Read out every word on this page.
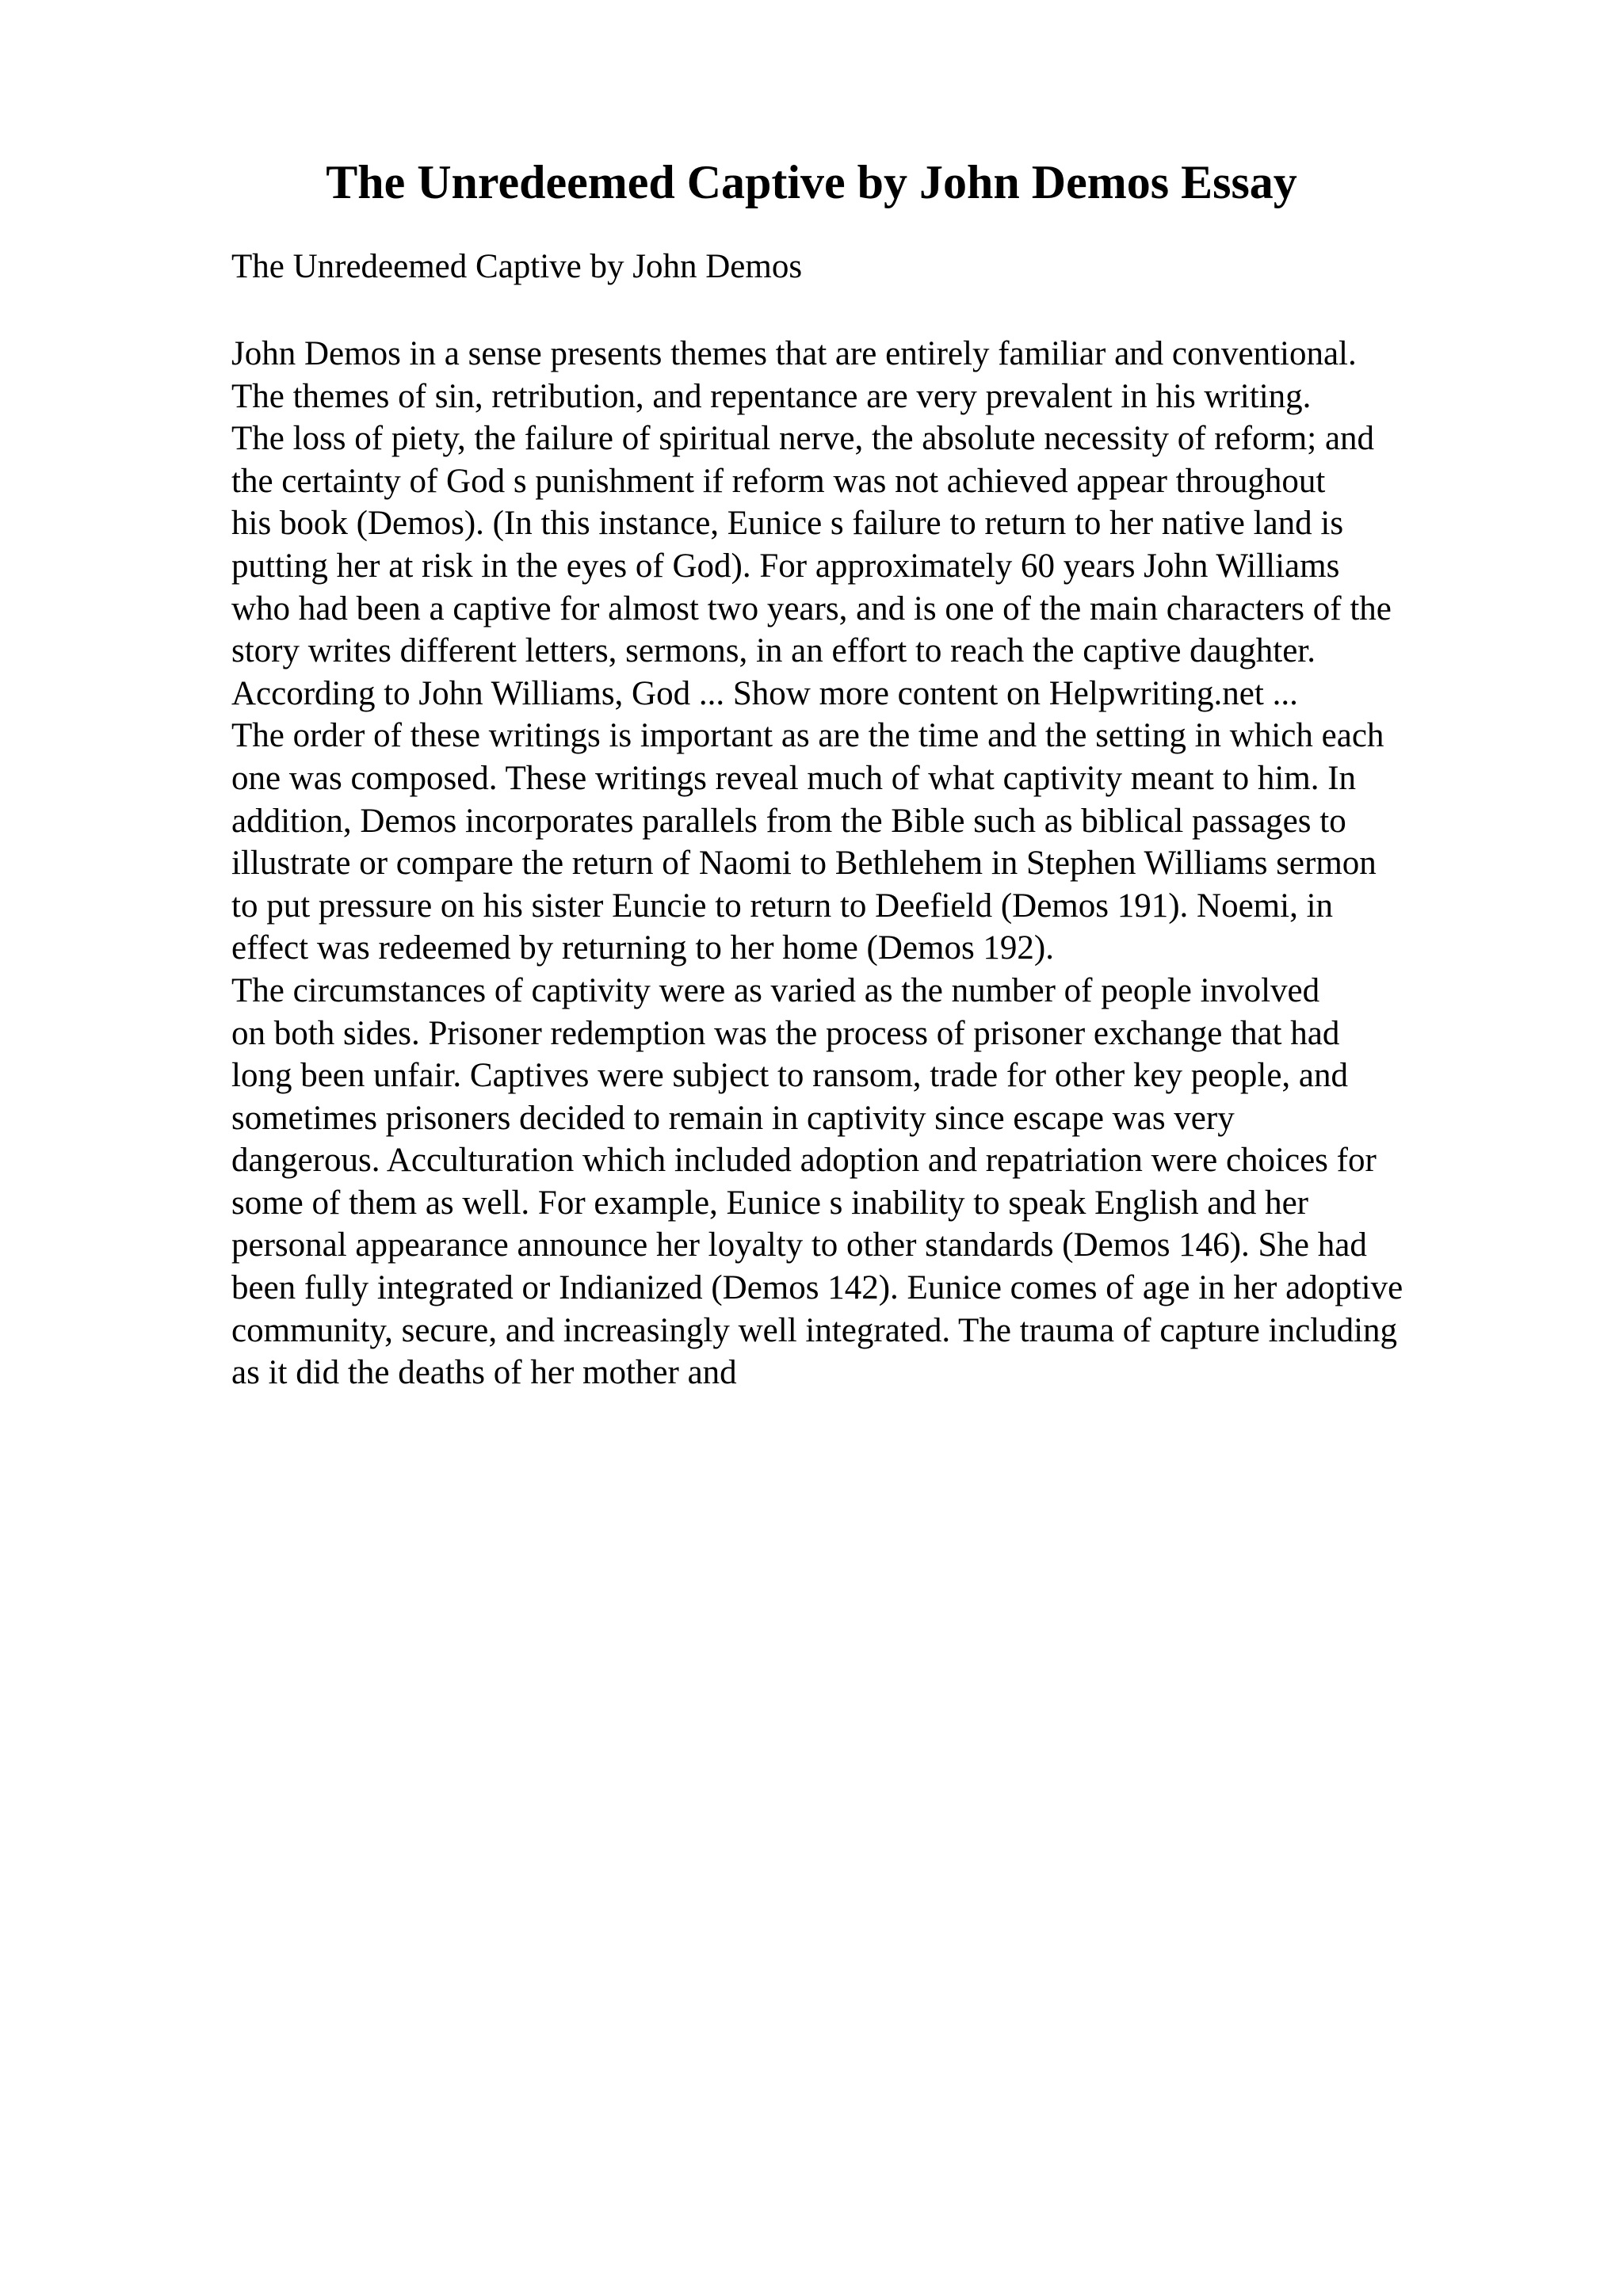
The Unredeemed Captive by John Demos Essay

The Unredeemed Captive by John Demos

John Demos in a sense presents themes that are entirely familiar and conventional.
The themes of sin, retribution, and repentance are very prevalent in his writing.
The loss of piety, the failure of spiritual nerve, the absolute necessity of reform; and
the certainty of God s punishment if reform was not achieved appear throughout
his book (Demos). (In this instance, Eunice s failure to return to her native land is
putting her at risk in the eyes of God). For approximately 60 years John Williams
who had been a captive for almost two years, and is one of the main characters of the
story writes different letters, sermons, in an effort to reach the captive daughter.
According to John Williams, God ... Show more content on Helpwriting.net ...
The order of these writings is important as are the time and the setting in which each
one was composed. These writings reveal much of what captivity meant to him. In
addition, Demos incorporates parallels from the Bible such as biblical passages to
illustrate or compare the return of Naomi to Bethlehem in Stephen Williams sermon
to put pressure on his sister Euncie to return to Deefield (Demos 191). Noemi, in
effect was redeemed by returning to her home (Demos 192).
The circumstances of captivity were as varied as the number of people involved
on both sides. Prisoner redemption was the process of prisoner exchange that had
long been unfair. Captives were subject to ransom, trade for other key people, and
sometimes prisoners decided to remain in captivity since escape was very
dangerous. Acculturation which included adoption and repatriation were choices for
some of them as well. For example, Eunice s inability to speak English and her
personal appearance announce her loyalty to other standards (Demos 146). She had
been fully integrated or Indianized (Demos 142). Eunice comes of age in her adoptive
community, secure, and increasingly well integrated. The trauma of capture including
as it did the deaths of her mother and
